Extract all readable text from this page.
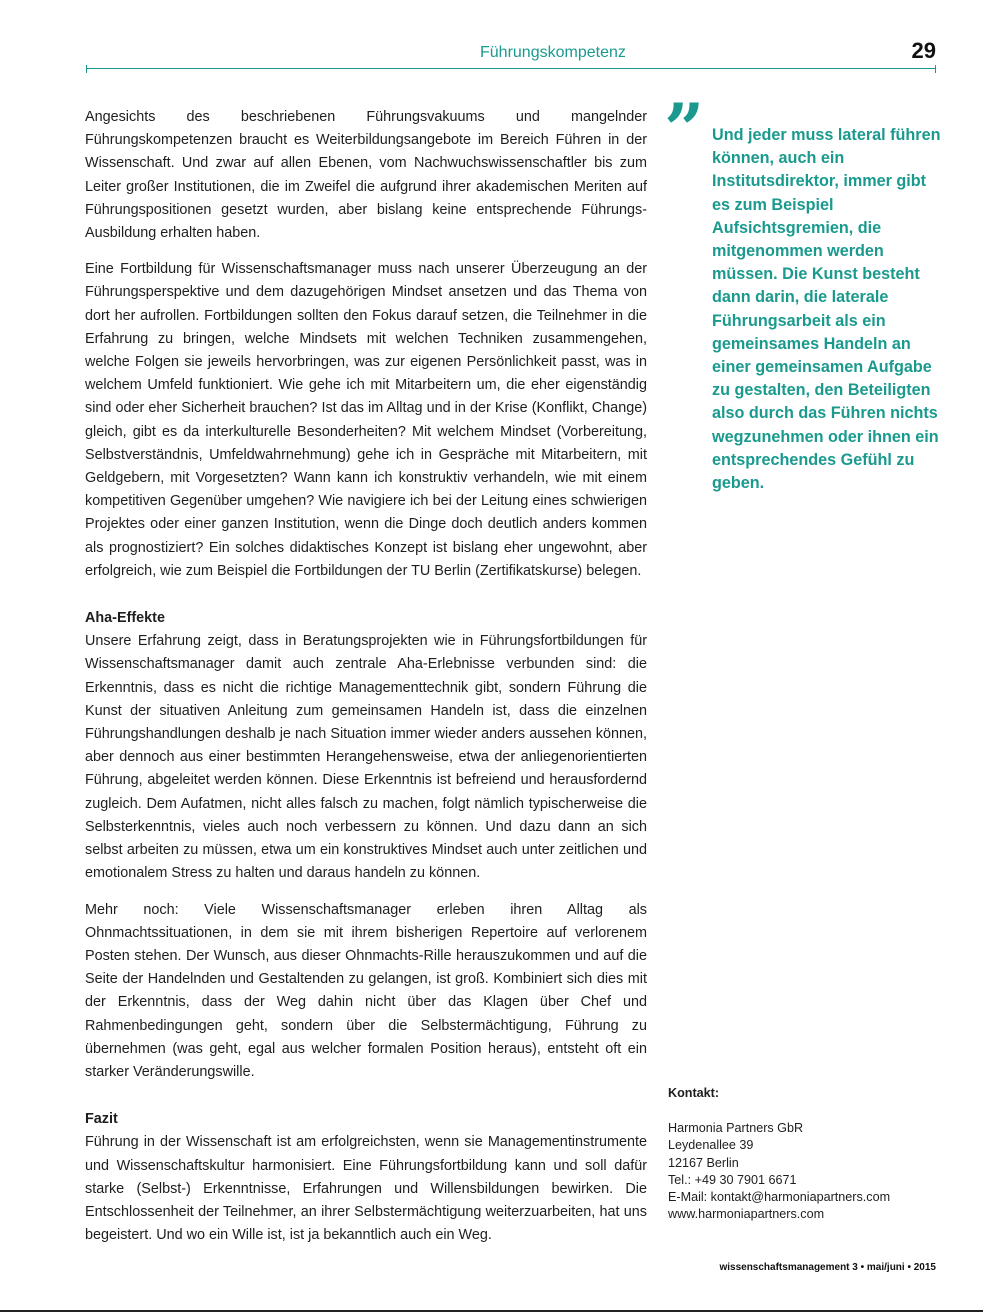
Führungskompetenz	29

Angesichts des beschriebenen Führungsvakuums und mangelnder Führungskompetenzen braucht es Weiterbildungsangebote im Bereich Führen in der Wissenschaft. Und zwar auf allen Ebenen, vom Nachwuchswissenschaftler bis zum Leiter großer Institutionen, die im Zweifel die aufgrund ihrer akademischen Meriten auf Führungspositionen gesetzt wurden, aber bislang keine entsprechende Führungs-Ausbildung erhalten haben.

Eine Fortbildung für Wissenschaftsmanager muss nach unserer Überzeugung an der Führungsperspektive und dem dazugehörigen Mindset ansetzen und das Thema von dort her aufrollen. Fortbildungen sollten den Fokus darauf setzen, die Teilnehmer in die Erfahrung zu bringen, welche Mindsets mit welchen Techniken zusammengehen, welche Folgen sie jeweils hervorbringen, was zur eigenen Persönlichkeit passt, was in welchem Umfeld funktioniert. Wie gehe ich mit Mitarbeitern um, die eher eigenständig sind oder eher Sicherheit brauchen? Ist das im Alltag und in der Krise (Konflikt, Change) gleich, gibt es da interkulturelle Besonderheiten? Mit welchem Mindset (Vorbereitung, Selbstverständnis, Umfeldwahrnehmung) gehe ich in Gespräche mit Mitarbeitern, mit Geldgebern, mit Vorgesetzten? Wann kann ich konstruktiv verhandeln, wie mit einem kompetitiven Gegenüber umgehen? Wie navigiere ich bei der Leitung eines schwierigen Projektes oder einer ganzen Institution, wenn die Dinge doch deutlich anders kommen als prognostiziert? Ein solches didaktisches Konzept ist bislang eher ungewohnt, aber erfolgreich, wie zum Beispiel die Fortbildungen der TU Berlin (Zertifikatskurse) belegen.

Aha-Effekte

Unsere Erfahrung zeigt, dass in Beratungsprojekten wie in Führungsfortbildungen für Wissenschaftsmanager damit auch zentrale Aha-Erlebnisse verbunden sind: die Erkenntnis, dass es nicht die richtige Managementtechnik gibt, sondern Führung die Kunst der situativen Anleitung zum gemeinsamen Handeln ist, dass die einzelnen Führungshandlungen deshalb je nach Situation immer wieder anders aussehen können, aber dennoch aus einer bestimmten Herangehensweise, etwa der anliegenorientierten Führung, abgeleitet werden können. Diese Erkenntnis ist befreiend und herausfordernd zugleich. Dem Aufatmen, nicht alles falsch zu machen, folgt nämlich typischerweise die Selbsterkenntnis, vieles auch noch verbessern zu können. Und dazu dann an sich selbst arbeiten zu müssen, etwa um ein konstruktives Mindset auch unter zeitlichen und emotionalem Stress zu halten und daraus handeln zu können.

Mehr noch: Viele Wissenschaftsmanager erleben ihren Alltag als Ohnmachtssituationen, in dem sie mit ihrem bisherigen Repertoire auf verlorenem Posten stehen. Der Wunsch, aus dieser Ohnmachts-Rille herauszukommen und auf die Seite der Handelnden und Gestaltenden zu gelangen, ist groß. Kombiniert sich dies mit der Erkenntnis, dass der Weg dahin nicht über das Klagen über Chef und Rahmenbedingungen geht, sondern über die Selbstermächtigung, Führung zu übernehmen (was geht, egal aus welcher formalen Position heraus), entsteht oft ein starker Veränderungswille.

Fazit

Führung in der Wissenschaft ist am erfolgreichsten, wenn sie Managementinstrumente und Wissenschaftskultur harmonisiert. Eine Führungsfortbildung kann und soll dafür starke (Selbst-) Erkenntnisse, Erfahrungen und Willensbildungen bewirken. Die Entschlossenheit der Teilnehmer, an ihrer Selbstermächtigung weiterzuarbeiten, hat uns begeistert. Und wo ein Wille ist, ist ja bekanntlich auch ein Weg.

” Und jeder muss lateral führen können, auch ein Institutsdirektor, immer gibt es zum Beispiel Aufsichtsgremien, die mitgenommen werden müssen. Die Kunst besteht dann darin, die laterale Führungsarbeit als ein gemeinsames Handeln an einer gemeinsamen Aufgabe zu gestalten, den Beteiligten also durch das Führen nichts wegzunehmen oder ihnen ein entsprechendes Gefühl zu geben.
Kontakt:
Harmonia Partners GbR
Leydenallee 39
12167 Berlin
Tel.: +49 30 7901 6671
E-Mail: kontakt@harmoniapartners.com
www.harmoniapartners.com
wissenschaftsmanagement 3 • mai/juni • 2015
